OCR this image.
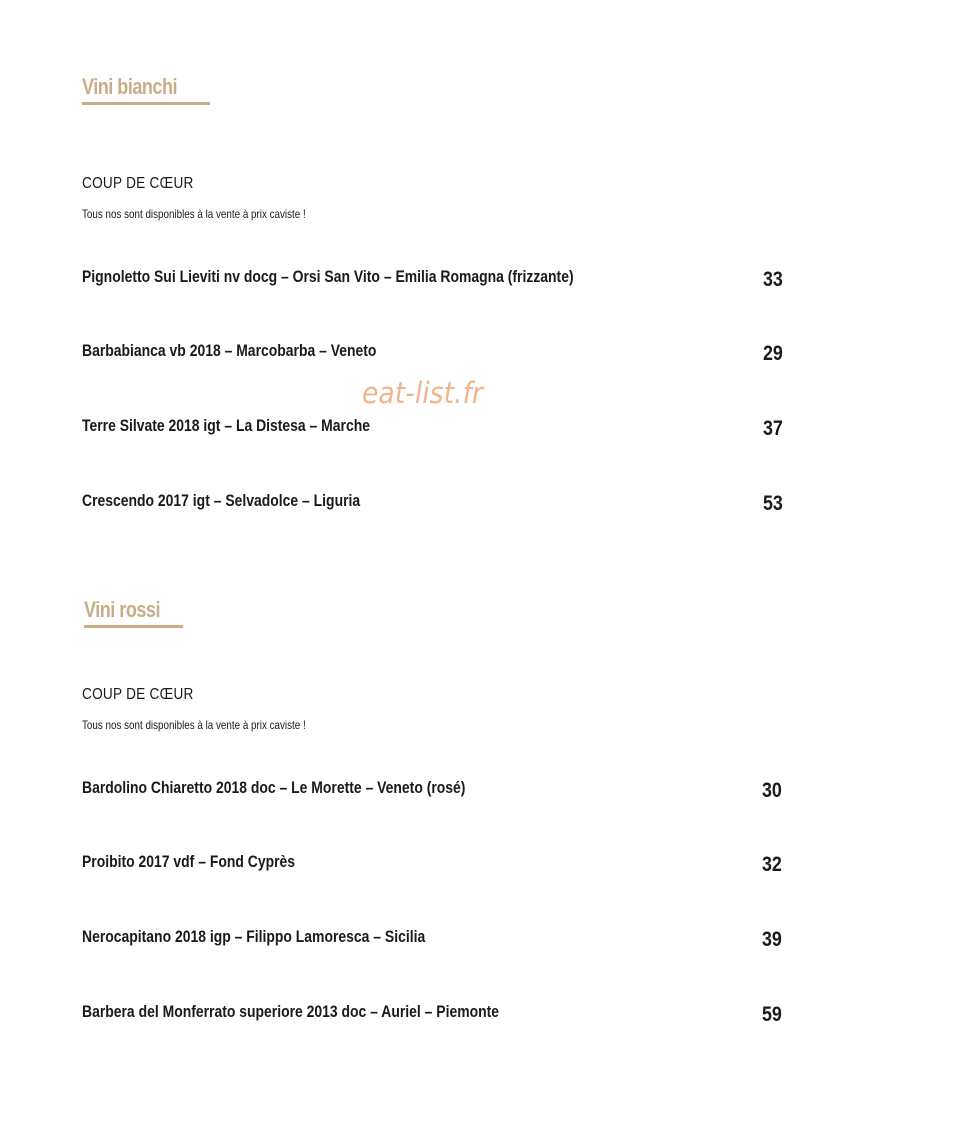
Vini bianchi
COUP DE CŒUR
Tous nos sont disponibles à la vente à prix caviste !
Pignoletto Sui Lieviti nv docg – Orsi San Vito – Emilia Romagna (frizzante)	33
Barbabianca vb 2018 – Marcobarba – Veneto	29
Terre Silvate 2018 igt – La Distesa – Marche	37
Crescendo 2017 igt – Selvadolce – Liguria	53
Vini rossi
COUP DE CŒUR
Tous nos sont disponibles à la vente à prix caviste !
Bardolino Chiaretto 2018 doc – Le Morette – Veneto (rosé)	30
Proibito 2017 vdf – Fond Cyprès	32
Nerocapitano 2018 igp – Filippo Lamoresca – Sicilia	39
Barbera del Monferrato superiore 2013 doc – Auriel – Piemonte	59
eat-list.fr
